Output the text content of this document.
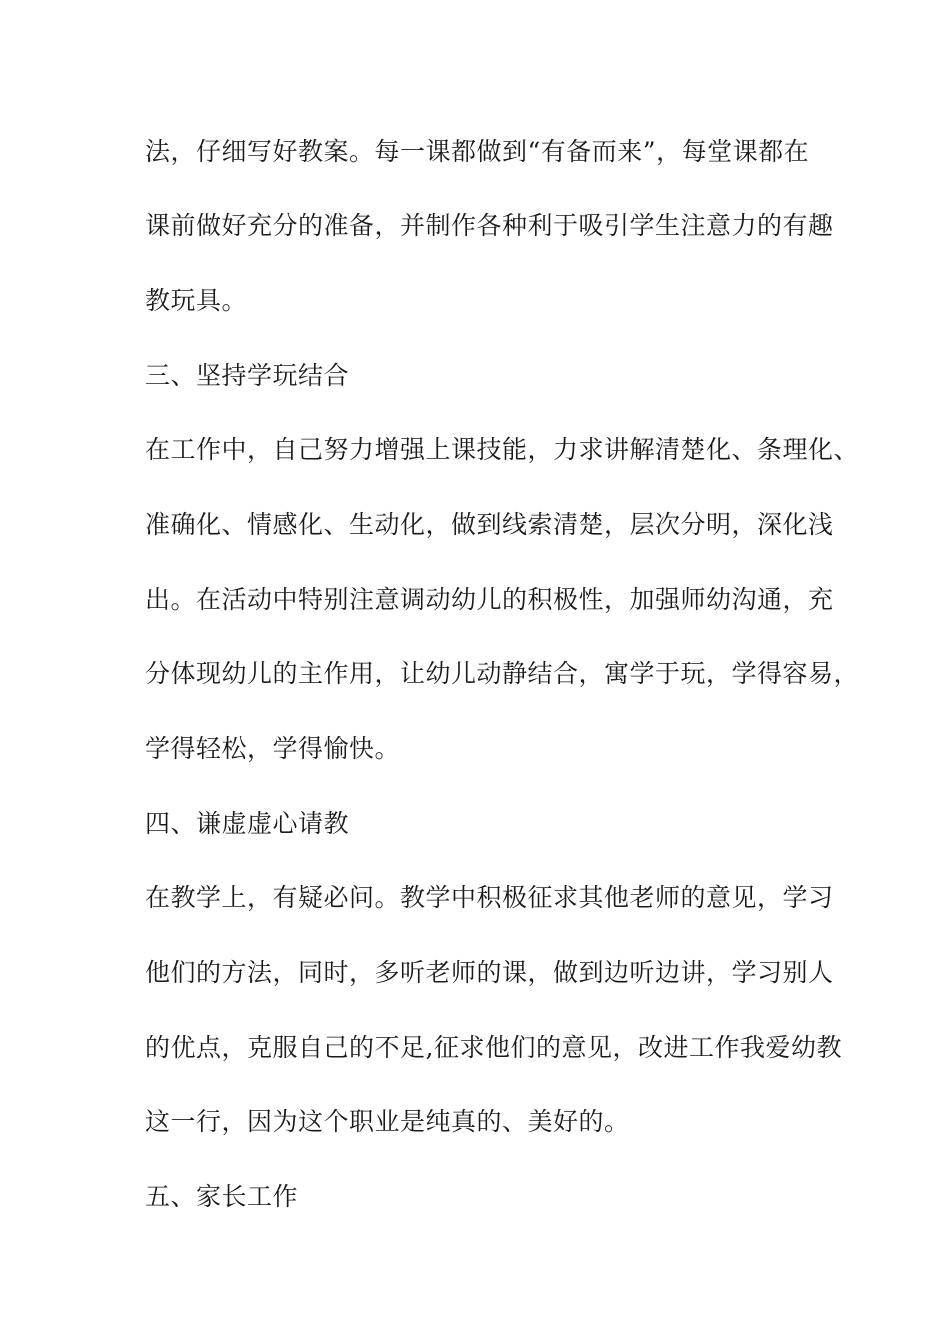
法，仔细写好教案。每一课都做到“有备而来”，每堂课都在
课前做好充分的准备，并制作各种利于吸引学生注意力的有趣
教玩具。
三、坚持学玩结合
在工作中，自己努力增强上课技能，力求讲解清楚化、条理化、
准确化、情感化、生动化，做到线索清楚，层次分明，深化浅
出。在活动中特别注意调动幼儿的积极性，加强师幼沟通，充
分体现幼儿的主作用，让幼儿动静结合，寓学于玩，学得容易，
学得轻松，学得愉快。
四、谦虚虚心请教
在教学上，有疑必问。教学中积极征求其他老师的意见，学习
他们的方法，同时，多听老师的课，做到边听边讲，学习别人
的优点，克服自己的不足,征求他们的意见，改进工作我爱幼教
这一行，因为这个职业是纯真的、美好的。
五、家长工作
